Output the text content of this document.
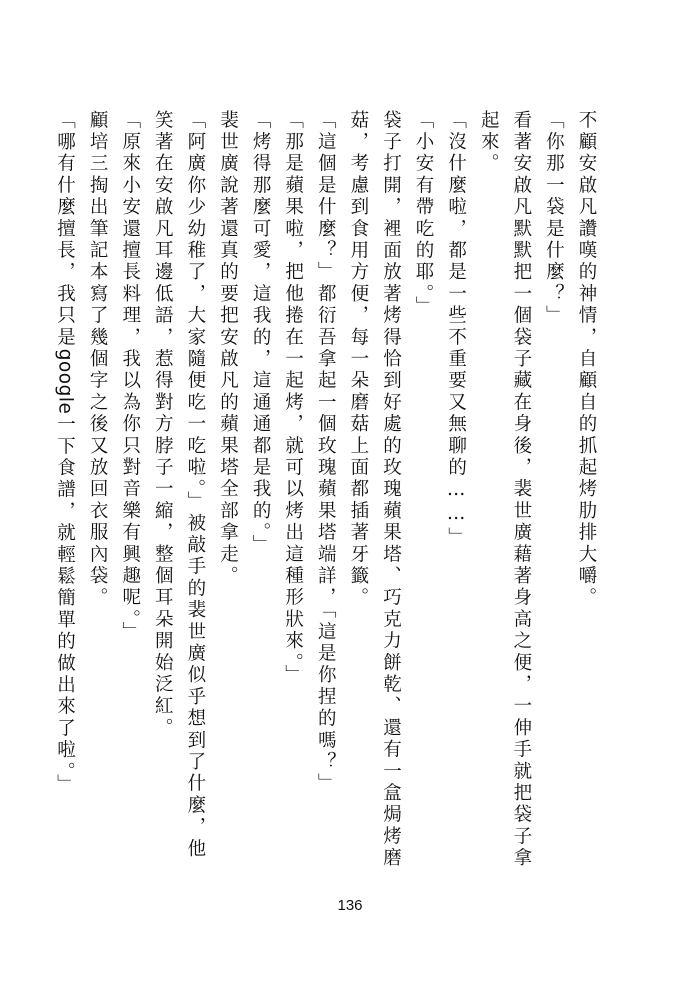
不顧安啟凡讚嘆的神情，自顧自的抓起烤肋排大嚼。

「你那一袋是什麼？」

看著安啟凡默默把一個袋子藏在身後，裴世廣藉著身高之便，一伸手就把袋子拿起來。

「沒什麼啦，都是一些不重要又無聊的……」

「小安有帶吃的耶。」

袋子打開，裡面放著烤得恰到好處的玫瑰蘋果塔、巧克力餅乾、還有一盒焗烤磨菇，考慮到食用方便，每一朵磨菇上面都插著牙籤。

「這個是什麼？」都衍吾拿起一個玫瑰蘋果塔端詳，「這是你捏的嗎？」

「那是蘋果啦，把他捲在一起烤，就可以烤出這種形狀來。」

「烤得那麼可愛，這我的，這通通都是我的。」

裴世廣說著還真的要把安啟凡的蘋果塔全部拿走。

「阿廣你少幼稚了，大家隨便吃一吃啦。」被敲手的裴世廣似乎想到了什麼，他笑著在安啟凡耳邊低語，惹得對方脖子一縮，整個耳朵開始泛紅。

「原來小安還擅長料理，我以為你只對音樂有興趣呢。」

顧培三掏出筆記本寫了幾個字之後又放回衣服內袋。

「哪有什麼擅長，我只是google一下食譜，就輕鬆簡單的做出來了啦。」

136
